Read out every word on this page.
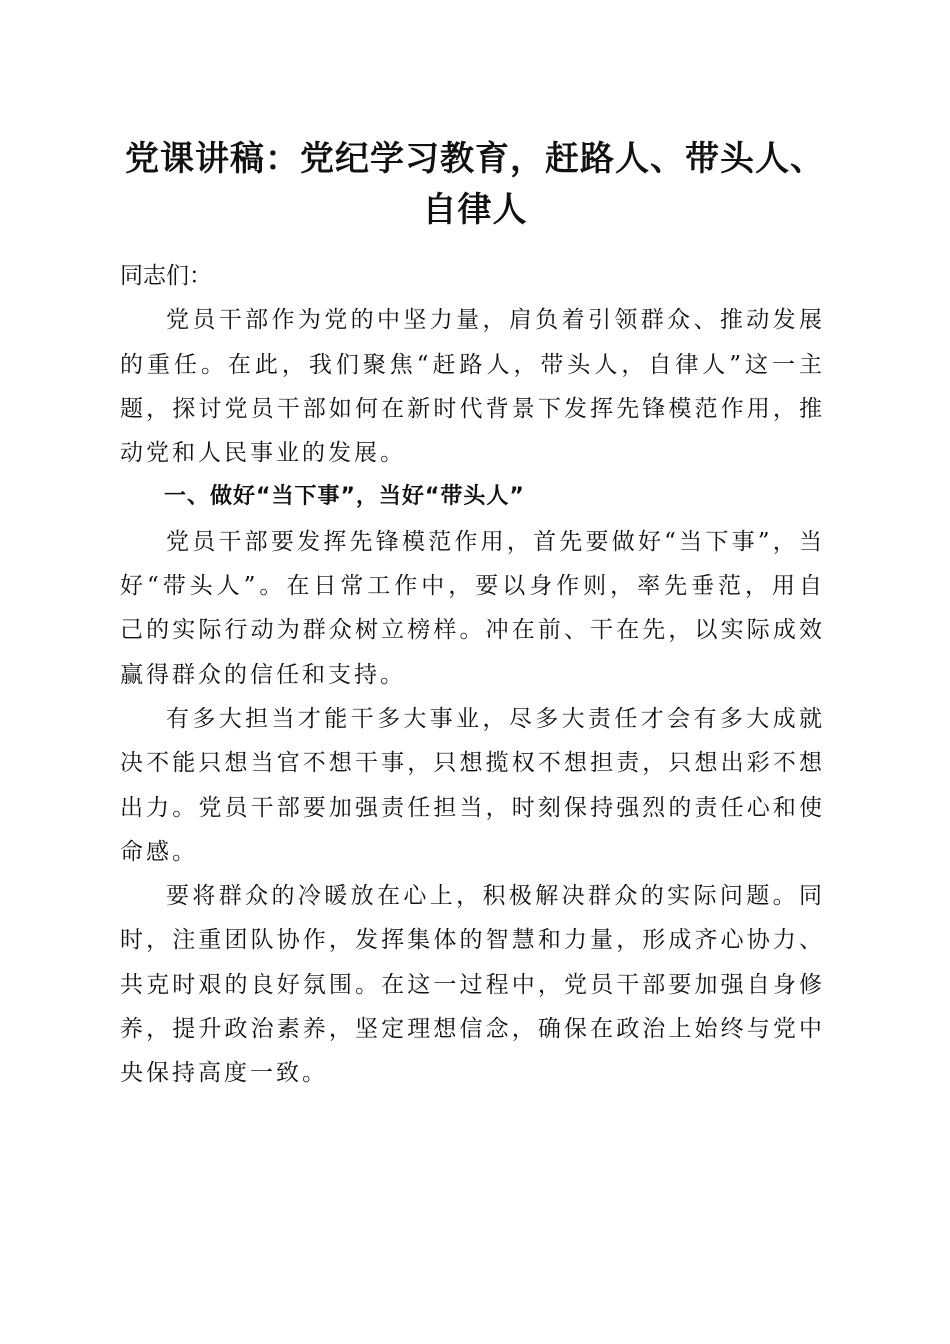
党课讲稿：党纪学习教育，赶路人、带头人、
自律人

同志们：

党员干部作为党的中坚力量，肩负着引领群众、推动发展的重任。在此，我们聚焦“赶路人，带头人，自律人”这一主题，探讨党员干部如何在新时代背景下发挥先锋模范作用，推动党和人民事业的发展。

一、做好“当下事”，当好“带头人”

党员干部要发挥先锋模范作用，首先要做好“当下事”，当好“带头人”。在日常工作中，要以身作则，率先垂范，用自己的实际行动为群众树立榜样。冲在前、干在先，以实际成效赢得群众的信任和支持。

有多大担当才能干多大事业，尽多大责任才会有多大成就决不能只想当官不想干事，只想揽权不想担责，只想出彩不想出力。党员干部要加强责任担当，时刻保持强烈的责任心和使命感。

要将群众的冷暖放在心上，积极解决群众的实际问题。同时，注重团队协作，发挥集体的智慧和力量，形成齐心协力、共克时艰的良好氛围。在这一过程中，党员干部要加强自身修养，提升政治素养，坚定理想信念，确保在政治上始终与党中央保持高度一致。
